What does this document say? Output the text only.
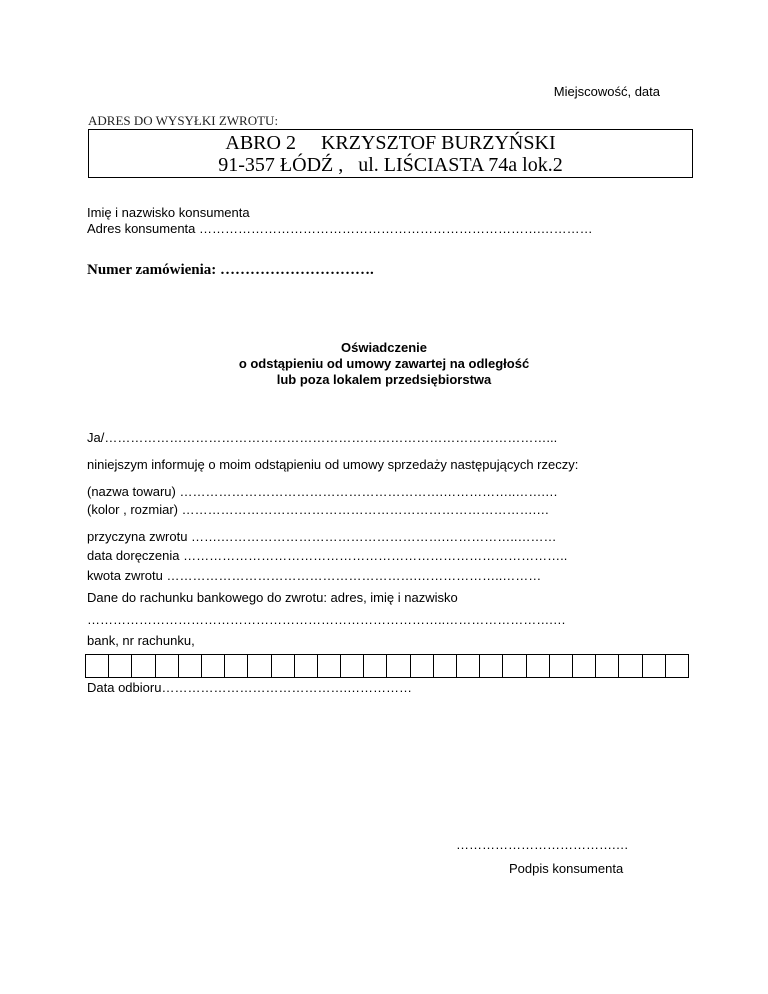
Miejscowość, data
ADRES DO WYSYŁKI ZWROTU:
ABRO 2     KRZYSZTOF BURZYŃSKI
91-357 ŁÓDŹ ,   ul. LIŚCIASTA 74a lok.2
Imię i nazwisko konsumenta
Adres konsumenta …………………………………………………………………….…………
Numer zamówienia: ………………………….
Oświadczenie
o odstąpieniu od umowy zawartej na odległość
lub poza lokalem przedsiębiorstwa
Ja/…………………………………………………………………………………………...
niniejszym informuję o moim odstąpieniu od umowy sprzedaży następujących rzeczy:
(nazwa towaru) …………………………………………………….……………..…….…
(kolor , rozmiar) ……………………………………………………………………….…
przyczyna zwrotu …….…………………………………………….……………..………
data doręczenia ……………………………………………………………………………..
kwota zwrotu ………………………………………………….………………..………
Dane do rachunku bankowego do zwrotu: adres, imię i nazwisko
………………………………………………………………………..…………………….…
bank, nr rachunku,
Data odbioru…………………………………….……………
……………………………….…
Podpis konsumenta
